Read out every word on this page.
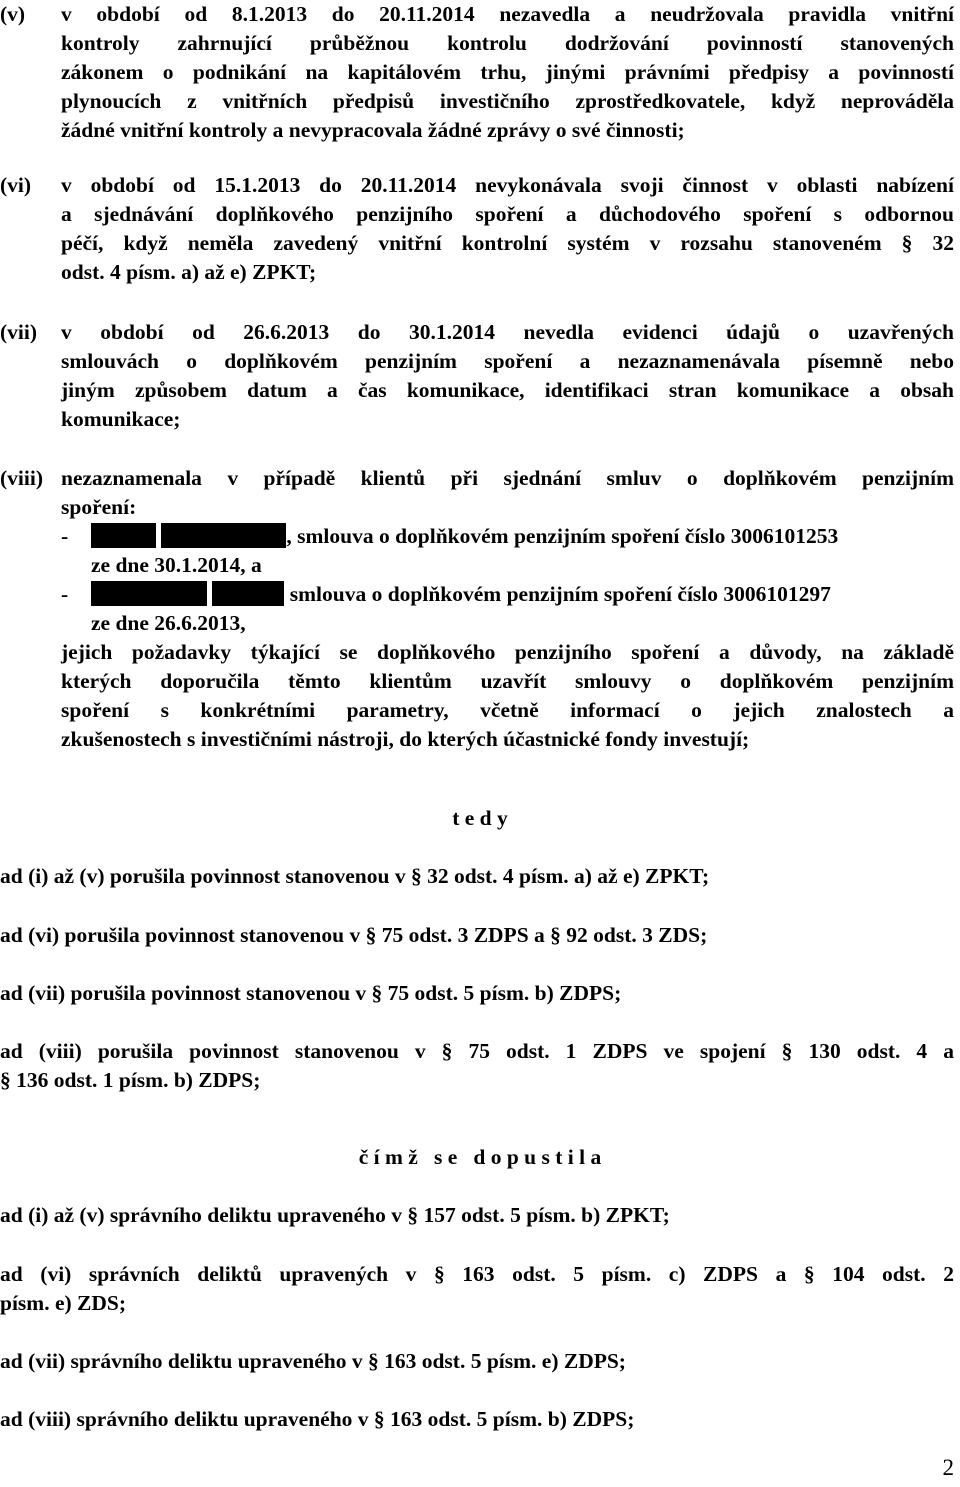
(v) v období od 8.1.2013 do 20.11.2014 nezavedla a neudržovala pravidla vnitřní
kontroly zahrnující průběžnou kontrolu dodržování povinností stanovených
zákonem o podnikání na kapitálovém trhu, jinými právními předpisy a povinností
plynoucích z vnitřních předpisů investičního zprostředkovatele, když neprováděla
žádné vnitřní kontroly a nevypracovala žádné zprávy o své činnosti;
(vi) v období od 15.1.2013 do 20.11.2014 nevykonávala svoji činnost v oblasti nabízení
a sjednávání doplňkového penzijního spoření a důchodového spoření s odbornou
péčí, když neměla zavedený vnitřní kontrolní systém v rozsahu stanoveném § 32
odst. 4 písm. a) až e) ZPKT;
(vii) v období od 26.6.2013 do 30.1.2014 nevedla evidenci údajů o uzavřených
smlouvách o doplňkovém penzijním spoření a nezaznamenávala písemně nebo
jiným způsobem datum a čas komunikace, identifikaci stran komunikace a obsah
komunikace;
(viii) nezaznamenala v případě klientů při sjednání smluv o doplňkovém penzijním
spoření:
-	, smlouva o doplňkovém penzijním spoření číslo 3006101253
ze dne 30.1.2014, a
-	smlouva o doplňkovém penzijním spoření číslo 3006101297
ze dne 26.6.2013,
jejich požadavky týkající se doplňkového penzijního spoření a důvody, na základě
kterých doporučila těmto klientům uzavřít smlouvy o doplňkovém penzijním
spoření s konkrétními parametry, včetně informací o jejich znalostech a
zkušenostech s investičními nástroji, do kterých účastnické fondy investují;
t e d y
ad (i) až (v) porušila povinnost stanovenou v § 32 odst. 4 písm. a) až e) ZPKT;
ad (vi) porušila povinnost stanovenou v § 75 odst. 3 ZDPS a § 92 odst. 3 ZDS;
ad (vii) porušila povinnost stanovenou v § 75 odst. 5 písm. b) ZDPS;
ad (viii) porušila povinnost stanovenou v § 75 odst. 1 ZDPS ve spojení § 130 odst. 4 a
§ 136 odst. 1 písm. b) ZDPS;
č í m ž   s e   d o p u s t i l a
ad (i) až (v) správního deliktu upraveného v § 157 odst. 5 písm. b) ZPKT;
ad (vi) správních deliktů upravených v § 163 odst. 5 písm. c) ZDPS a § 104 odst. 2
písm. e) ZDS;
ad (vii) správního deliktu upraveného v § 163 odst. 5 písm. e) ZDPS;
ad (viii) správního deliktu upraveného v § 163 odst. 5 písm. b) ZDPS;
2
